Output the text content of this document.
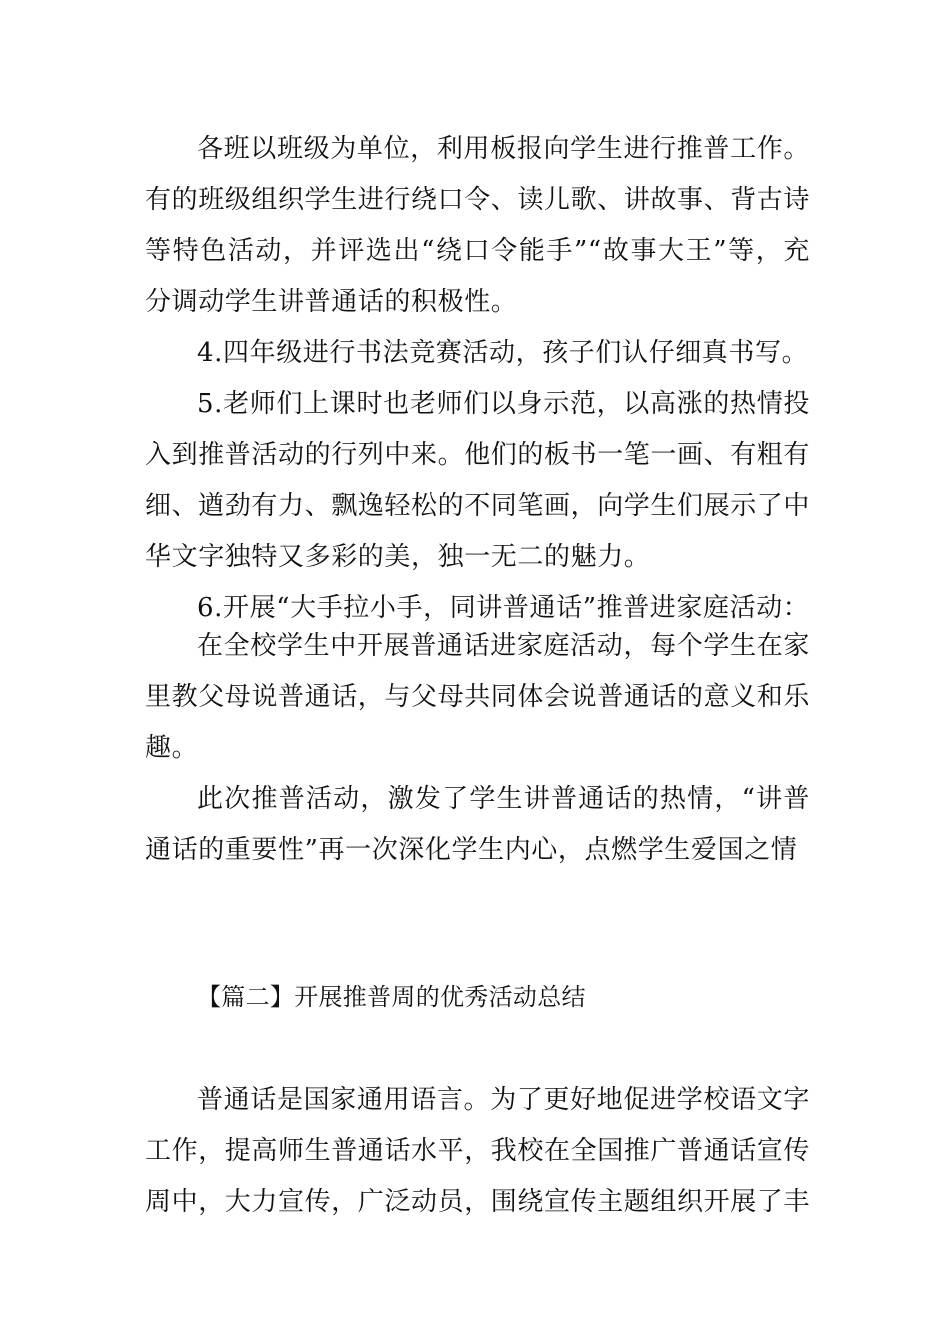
各班以班级为单位，利用板报向学生进行推普工作。有的班级组织学生进行绕口令、读儿歌、讲故事、背古诗等特色活动，并评选出“绕口令能手”“故事大王”等，充分调动学生讲普通话的积极性。

4.四年级进行书法竞赛活动，孩子们认仔细真书写。

5.老师们上课时也老师们以身示范，以高涨的热情投入到推普活动的行列中来。他们的板书一笔一画、有粗有细、遒劲有力、飘逸轻松的不同笔画，向学生们展示了中华文字独特又多彩的美，独一无二的魅力。

6.开展“大手拉小手，同讲普通话”推普进家庭活动：

在全校学生中开展普通话进家庭活动，每个学生在家里教父母说普通话，与父母共同体会说普通话的意义和乐趣。

此次推普活动，激发了学生讲普通话的热情，“讲普通话的重要性”再一次深化学生内心，点燃学生爱国之情

【篇二】开展推普周的优秀活动总结

普通话是国家通用语言。为了更好地促进学校语文字工作，提高师生普通话水平，我校在全国推广普通话宣传周中，大力宣传，广泛动员，围绕宣传主题组织开展了丰
